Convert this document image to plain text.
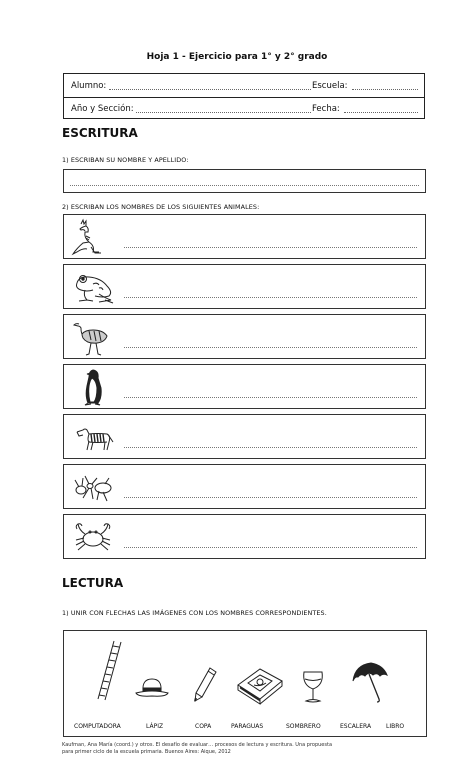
Hoja 1 - Ejercicio para 1° y 2° grado
Alumno:	Escuela:
Año y Sección:	Fecha:
ESCRITURA
1) ESCRIBAN SU NOMBRE Y APELLIDO:
2) ESCRIBAN LOS NOMBRES DE LOS SIGUIENTES ANIMALES:
LECTURA
1) UNIR CON FLECHAS LAS IMÁGENES CON LOS NOMBRES CORRESPONDIENTES.
COMPUTADORA	LÁPIZ	COPA	PARAGUAS	SOMBRERO	ESCALERA LIBRO
Kaufman, Ana María (coord.) y otros. El desafío de evaluar… procesos de lectura y escritura. Una propuesta
para primer ciclo de la escuela primaria. Buenos Aires: Aique, 2012
